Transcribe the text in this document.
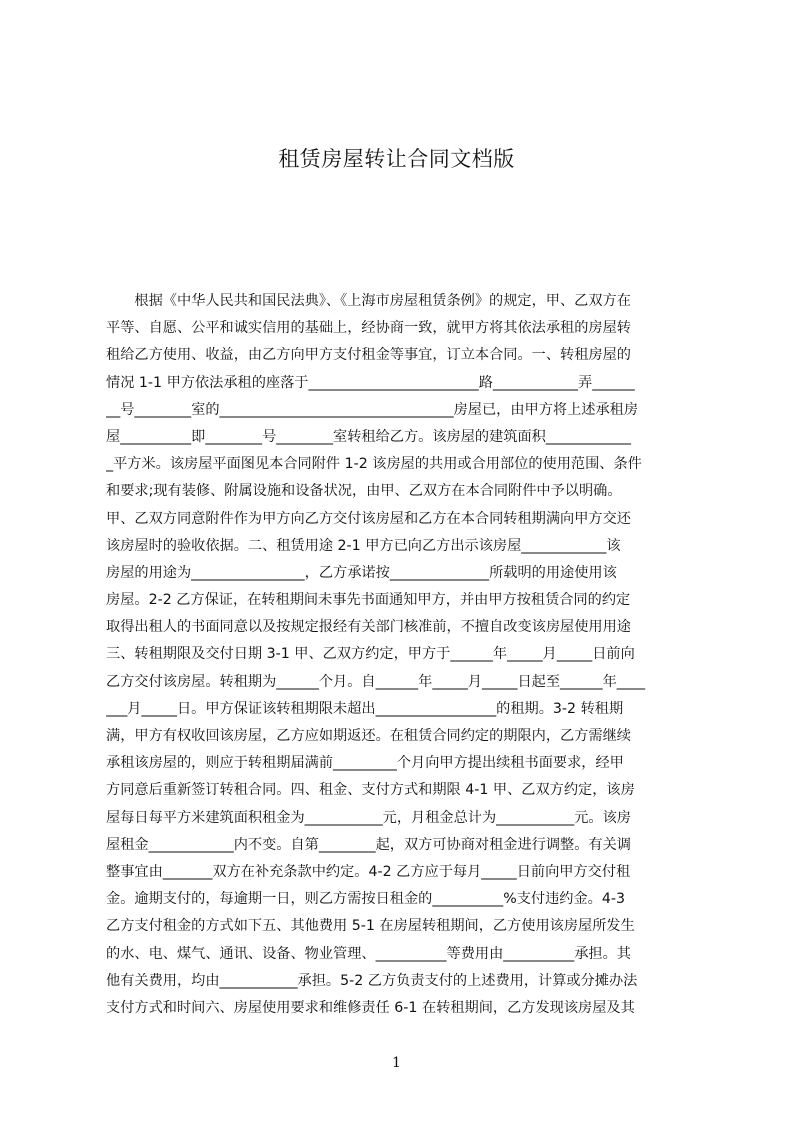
租赁房屋转让合同文档版
　　根据《中华人民共和国民法典》、《上海市房屋租赁条例》的规定，甲、乙双方在
平等、自愿、公平和诚实信用的基础上，经协商一致，就甲方将其依法承租的房屋转
租给乙方使用、收益，由乙方向甲方支付租金等事宜，订立本合同。一、转租房屋的
情况 1-1 甲方依法承租的座落于________________________路____________弄______
__号________室的_________________________________房屋已，由甲方将上述承租房
屋__________即________号________室转租给乙方。该房屋的建筑面积____________
_平方米。该房屋平面图见本合同附件 1-2 该房屋的共用或合用部位的使用范围、条件
和要求;现有装修、附属设施和设备状况，由甲、乙双方在本合同附件中予以明确。
甲、乙双方同意附件作为甲方向乙方交付该房屋和乙方在本合同转租期满向甲方交还
该房屋时的验收依据。二、租赁用途 2-1 甲方已向乙方出示该房屋____________该
房屋的用途为________________，乙方承诺按______________所载明的用途使用该
房屋。2-2 乙方保证，在转租期间未事先书面通知甲方，并由甲方按租赁合同的约定
取得出租人的书面同意以及按规定报经有关部门核准前，不擅自改变该房屋使用用途
三、转租期限及交付日期 3-1 甲、乙双方约定，甲方于______年_____月_____日前向
乙方交付该房屋。转租期为______个月。自______年_____月_____日起至______年____
___月_____日。甲方保证该转租期限未超出_________________的租期。3-2 转租期
满，甲方有权收回该房屋，乙方应如期返还。在租赁合同约定的期限内，乙方需继续
承租该房屋的，则应于转租期届满前_________个月向甲方提出续租书面要求，经甲
方同意后重新签订转租合同。四、租金、支付方式和期限 4-1 甲、乙双方约定，该房
屋每日每平方米建筑面积租金为___________元，月租金总计为___________元。该房
屋租金____________内不变。自第________起，双方可协商对租金进行调整。有关调
整事宜由_______双方在补充条款中约定。4-2 乙方应于每月_____日前向甲方交付租
金。逾期支付的，每逾期一日，则乙方需按日租金的__________%支付违约金。4-3
乙方支付租金的方式如下五、其他费用 5-1 在房屋转租期间，乙方使用该房屋所发生
的水、电、煤气、通讯、设备、物业管理、__________等费用由__________承担。其
他有关费用，均由___________承担。5-2 乙方负责支付的上述费用，计算或分摊办法
支付方式和时间六、房屋使用要求和维修责任 6-1 在转租期间，乙方发现该房屋及其
1
